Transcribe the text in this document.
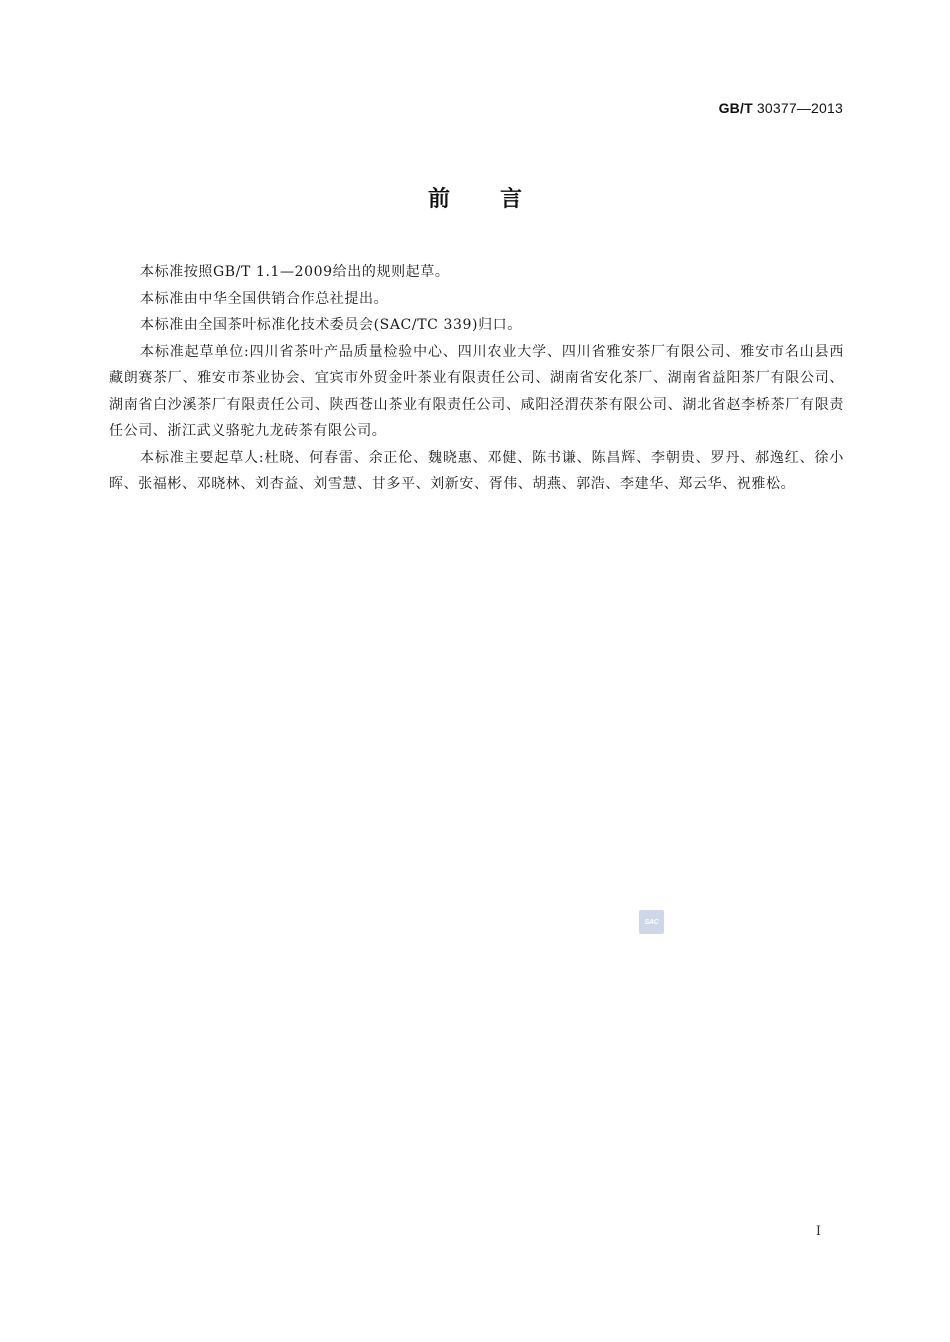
GB/T 30377—2013
前言

本标准按照GB/T 1.1—2009给出的规则起草。

本标准由中华全国供销合作总社提出。

本标准由全国茶叶标准化技术委员会(SAC/TC 339)归口。

本标准起草单位:四川省茶叶产品质量检验中心、四川农业大学、四川省雅安茶厂有限公司、雅安市名山县西藏朗赛茶厂、雅安市茶业协会、宜宾市外贸金叶茶业有限责任公司、湖南省安化茶厂、湖南省益阳茶厂有限公司、湖南省白沙溪茶厂有限责任公司、陕西苍山茶业有限责任公司、咸阳泾渭茯茶有限公司、湖北省赵李桥茶厂有限责任公司、浙江武义骆驼九龙砖茶有限公司。

本标准主要起草人:杜晓、何春雷、余正伦、魏晓惠、邓健、陈书谦、陈昌辉、李朝贵、罗丹、郝逸红、徐小晖、张福彬、邓晓林、刘杏益、刘雪慧、甘多平、刘新安、胥伟、胡燕、郭浩、李建华、郑云华、祝雅松。

SAC
I
